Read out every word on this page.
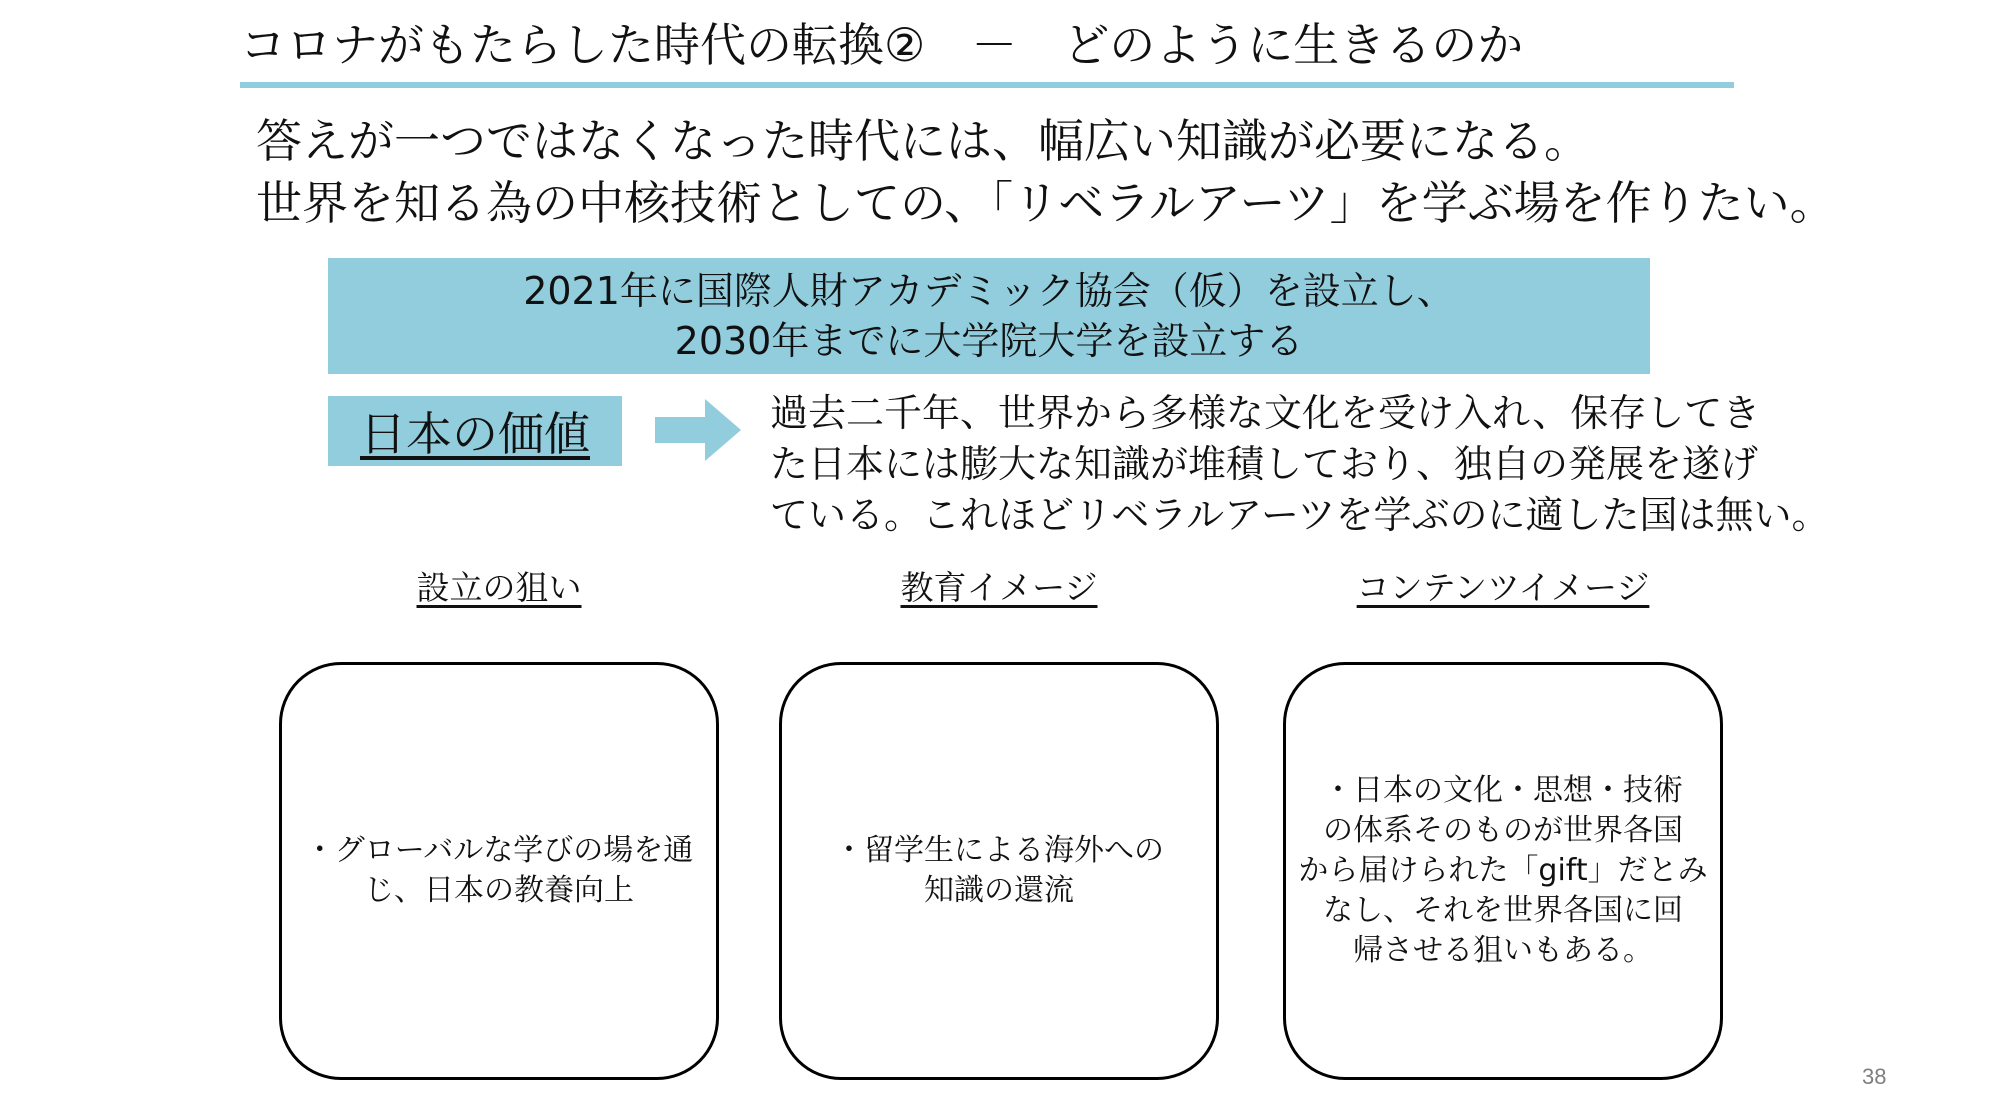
コロナがもたらした時代の転換②　－　どのように生きるのか
答えが一つではなくなった時代には、幅広い知識が必要になる。
世界を知る為の中核技術としての、「リベラルアーツ」を学ぶ場を作りたい。
2021年に国際人財アカデミック協会（仮）を設立し、
2030年までに大学院大学を設立する
日本の価値	過去二千年、世界から多様な文化を受け入れ、保存してき
た日本には膨大な知識が堆積しており、独自の発展を遂げ
ている。これほどリベラルアーツを学ぶのに適した国は無い。
設立の狙い	教育イメージ	コンテンツイメージ
・グローバルな学びの場を通
じ、日本の教養向上
・留学生による海外への
知識の還流
・日本の文化・思想・技術
の体系そのものが世界各国
から届けられた「gift」だとみ
なし、それを世界各国に回
帰させる狙いもある。
38
